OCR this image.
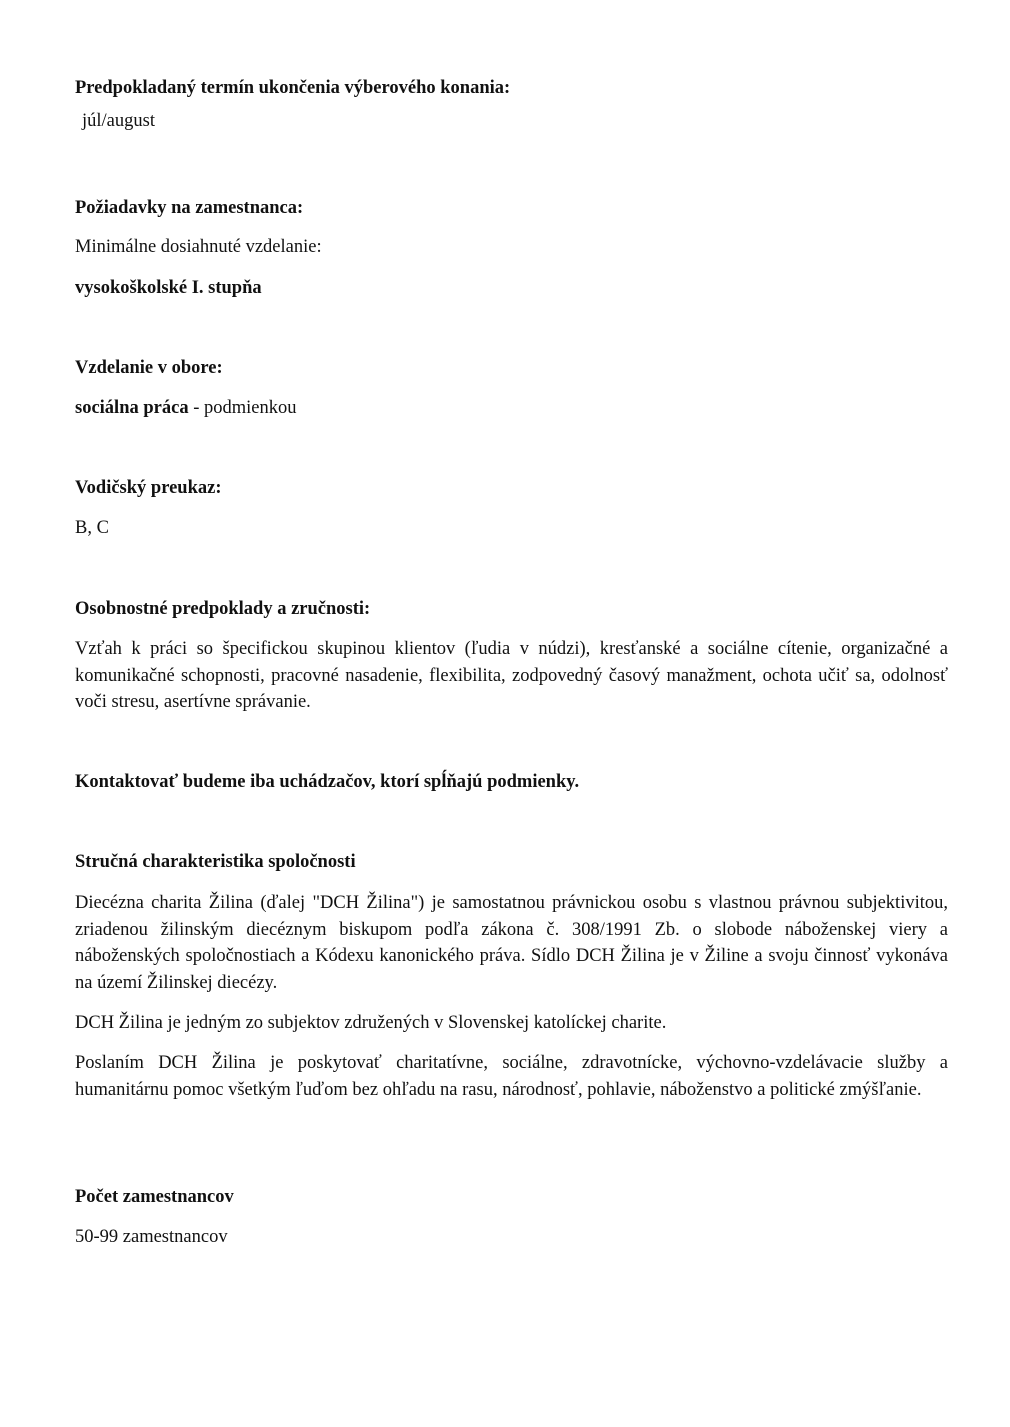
Predpokladaný termín ukončenia výberového konania:
júl/august
Požiadavky na zamestnanca:
Minimálne dosiahnuté vzdelanie:
vysokoškolské I. stupňa
Vzdelanie v obore:
sociálna práca - podmienkou
Vodičský preukaz:
B, C
Osobnostné predpoklady a zručnosti:
Vzťah k práci so špecifickou skupinou klientov (ľudia v núdzi), kresťanské a sociálne cítenie, organizačné a komunikačné schopnosti, pracovné nasadenie, flexibilita, zodpovedný časový manažment, ochota učiť sa, odolnosť voči stresu, asertívne správanie.
Kontaktovať budeme iba uchádzačov, ktorí spĺňajú podmienky.
Stručná charakteristika spoločnosti
Diecézna charita Žilina (ďalej "DCH Žilina") je samostatnou právnickou osobu s vlastnou právnou subjektivitou, zriadenou žilinským diecéznym biskupom podľa zákona č. 308/1991 Zb. o slobode náboženskej viery a náboženských spoločnostiach a Kódexu kanonického práva. Sídlo DCH Žilina je v Žiline a svoju činnosť vykonáva na území Žilinskej diecézy.
DCH Žilina je jedným zo subjektov združených v Slovenskej katolíckej charite.
Poslaním DCH Žilina je poskytovať charitatívne, sociálne, zdravotnícke, výchovno-vzdelávacie služby a humanitárnu pomoc všetkým ľuďom bez ohľadu na rasu, národnosť, pohlavie, náboženstvo a politické zmýšľanie.
Počet zamestnancov
50-99 zamestnancov
